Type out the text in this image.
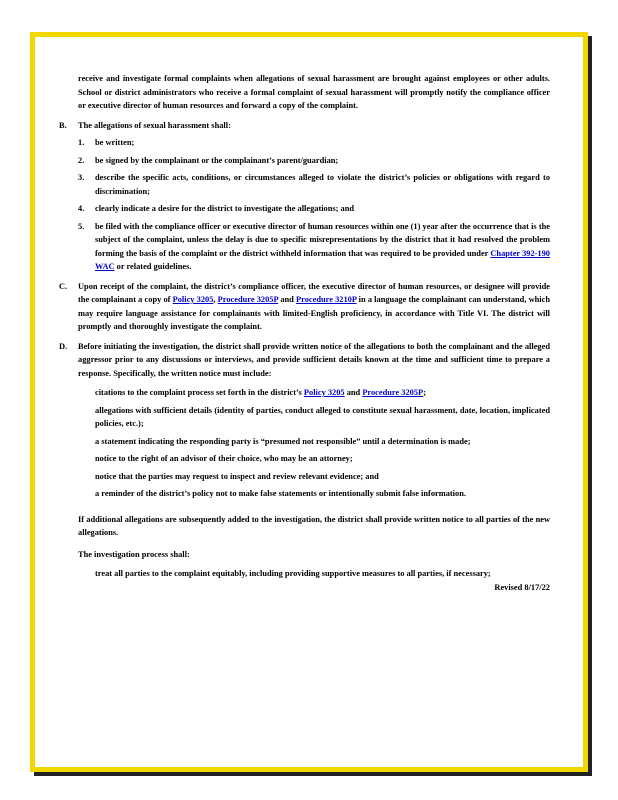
receive and investigate formal complaints when allegations of sexual harassment are brought against employees or other adults. School or district administrators who receive a formal complaint of sexual harassment will promptly notify the compliance officer or executive director of human resources and forward a copy of the complaint.

B. The allegations of sexual harassment shall:

1. be written;
2. be signed by the complainant or the complainant’s parent/guardian;
3. describe the specific acts, conditions, or circumstances alleged to violate the district’s policies or obligations with regard to discrimination;

4. clearly indicate a desire for the district to investigate the allegations; and
5. be filed with the compliance officer or executive director of human resources within one (1) year after the occurrence that is the subject of the complaint, unless the delay is due to specific misrepresentations by the district that it had resolved the problem forming the basis of the complaint or the district withheld information that was required to be provided under Chapter 392-190 WAC or related guidelines.

C. Upon receipt of the complaint, the district’s compliance officer, the executive director of human resources, or designee will provide the complainant a copy of Policy 3205, Procedure 3205P and Procedure 3210P in a language the complainant can understand, which may require language assistance for complainants with limited-English proficiency, in accordance with Title VI. The district will promptly and thoroughly investigate the complaint.

D. Before initiating the investigation, the district shall provide written notice of the allegations to both the complainant and the alleged aggressor prior to any discussions or interviews, and provide sufficient details known at the time and sufficient time to prepare a response. Specifically, the written notice must include:

citations to the complaint process set forth in the district’s Policy 3205 and Procedure 3205P;

allegations with sufficient details (identity of parties, conduct alleged to constitute sexual harassment, date, location, implicated policies, etc.);

a statement indicating the responding party is “presumed not responsible” until a determination is made;

notice to the right of an advisor of their choice, who may be an attorney;

notice that the parties may request to inspect and review relevant evidence; and

a reminder of the district’s policy not to make false statements or intentionally submit false information.

If additional allegations are subsequently added to the investigation, the district shall provide written notice to all parties of the new allegations.

The investigation process shall:

treat all parties to the complaint equitably, including providing supportive measures to all parties, if necessary;

Revised 8/17/22
